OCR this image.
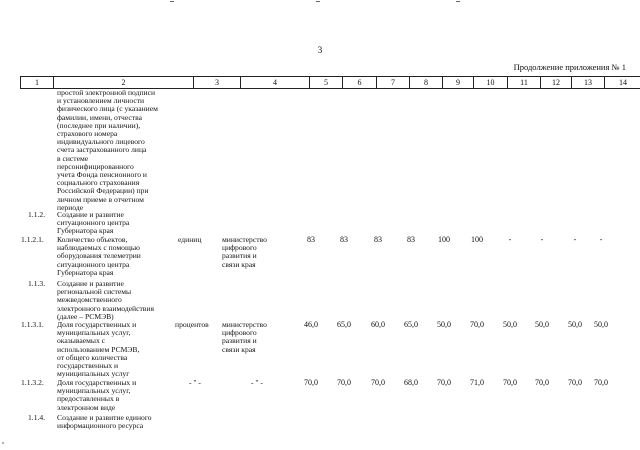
3
Продолжение приложения № 1
1	2	3	4	5	6	7	8	9	10	11	12	13	14
простой электронной подписи
и установлением личности
физического лица (с указанием
фамилии, имени, отчества
(последнее при наличии),
страхового номера
индивидуального лицевого
счета застрахованного лица
в системе
персонифицированного
учета Фонда пенсионного и
социального страхования
Российской Федерации) при
личном приеме в отчетном
периоде
1.1.2. Создание и развитие
ситуационного центра
Губернатора края
1.1.2.1. Количество объектов,
наблюдаемых с помощью
оборудования телеметрии
ситуационного центра
Губернатора края
единиц	министерство
цифрового
развития и
связи края
83	83	83	83	100	100	-	-	-	-
1.1.3. Создание и развитие
региональной системы
межведомственного
электронного взаимодействия
(далее – РСМЭВ)
1.1.3.1. Доля государственных и
муниципальных услуг,
оказываемых с
использованием РСМЭВ,
от общего количества
государственных и
муниципальных услуг
процентов министерство
цифрового
развития и
связи края
46,0	65,0	60,0	65,0	50,0	70,0	50,0	50,0	50,0	50,0
1.1.3.2. Доля государственных и
муниципальных услуг,
предоставленных в
электронном виде
- " -	- " -	70,0	70,0	70,0	68,0	70,0	71,0	70,0	70,0	70,0	70,0
1.1.4. Создание и развитие единого
информационного ресурса
